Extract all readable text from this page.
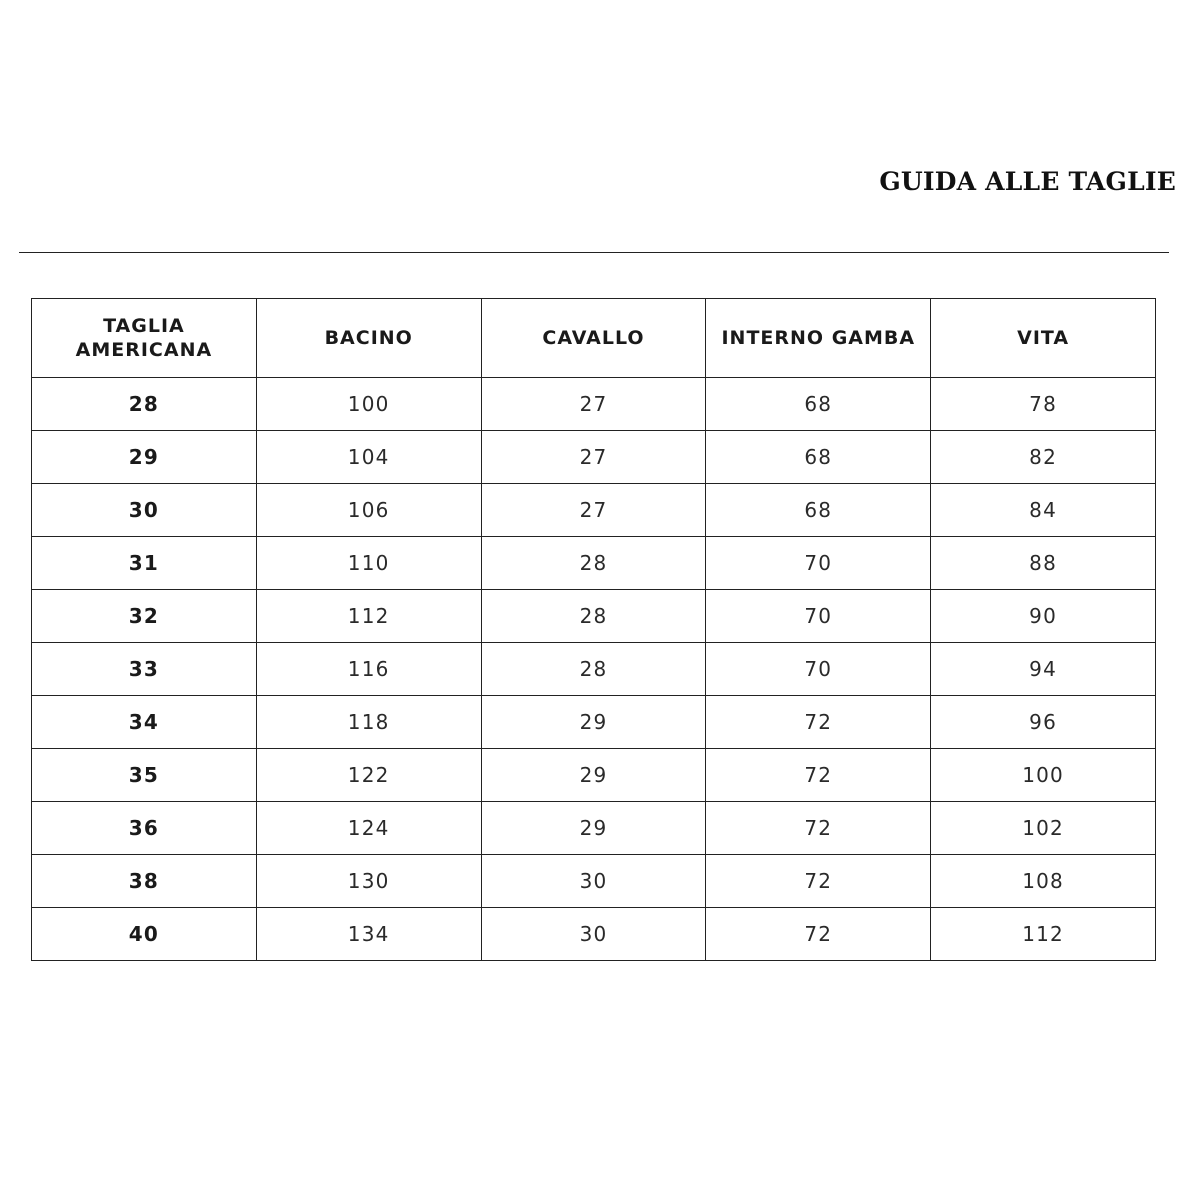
GUIDA ALLE TAGLIE
TAGLIA
AMERICANA	BACINO	CAVALLO	INTERNO GAMBA	VITA
28	100	27	68	78
29	104	27	68	82
30	106	27	68	84
31	110	28	70	88
32	112	28	70	90
33	116	28	70	94
34	118	29	72	96
35	122	29	72	100
36	124	29	72	102
38	130	30	72	108
40	134	30	72	112
